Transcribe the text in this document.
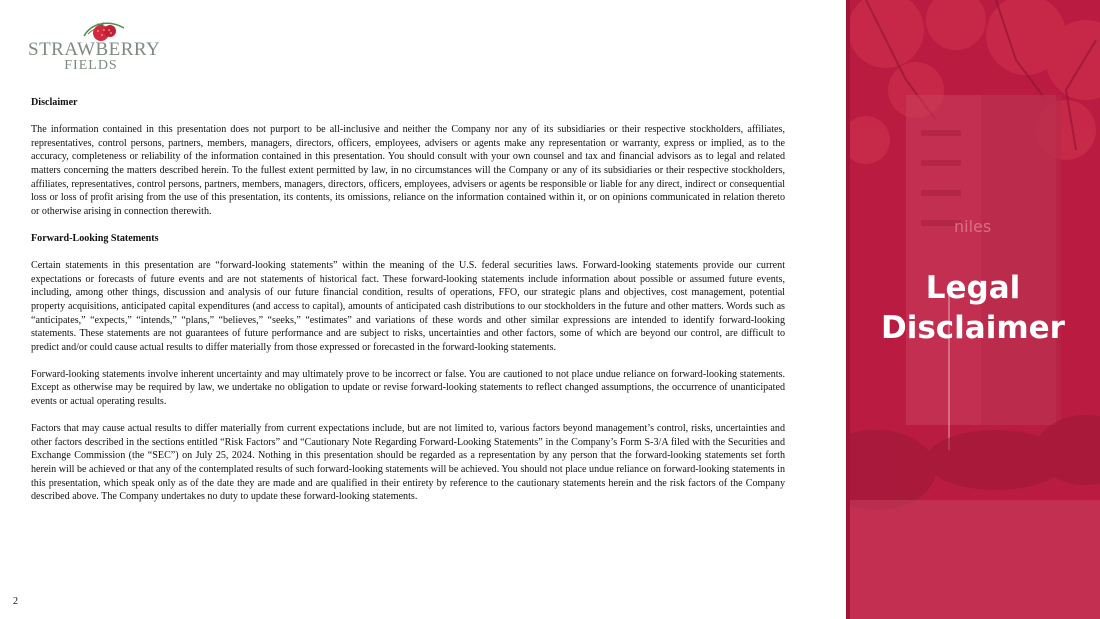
STRAWBERRY
FIELDS
Disclaimer

The information contained in this presentation does not purport to be all-inclusive and neither the Company nor any of its subsidiaries or their respective stockholders, affiliates, representatives, control persons, partners, members, managers, directors, officers, employees, advisers or agents make any representation or warranty, express or implied, as to the accuracy, completeness or reliability of the information contained in this presentation. You should consult with your own counsel and tax and financial advisors as to legal and related matters concerning the matters described herein. To the fullest extent permitted by law, in no circumstances will the Company or any of its subsidiaries or their respective stockholders, affiliates, representatives, control persons, partners, members, managers, directors, officers, employees, advisers or agents be responsible or liable for any direct, indirect or consequential loss or loss of profit arising from the use of this presentation, its contents, its omissions, reliance on the information contained within it, or on opinions communicated in relation thereto or otherwise arising in connection therewith.

Forward-Looking Statements

Certain statements in this presentation are “forward-looking statements” within the meaning of the U.S. federal securities laws. Forward-looking statements provide our current expectations or forecasts of future events and are not statements of historical fact. These forward-looking statements include information about possible or assumed future events, including, among other things, discussion and analysis of our future financial condition, results of operations, FFO, our strategic plans and objectives, cost management, potential property acquisitions, anticipated capital expenditures (and access to capital), amounts of anticipated cash distributions to our stockholders in the future and other matters. Words such as “anticipates,” “expects,” “intends,” “plans,” “believes,” “seeks,” “estimates” and variations of these words and other similar expressions are intended to identify forward-looking statements. These statements are not guarantees of future performance and are subject to risks, uncertainties and other factors, some of which are beyond our control, are difficult to predict and/or could cause actual results to differ materially from those expressed or forecasted in the forward-looking statements.

Forward-looking statements involve inherent uncertainty and may ultimately prove to be incorrect or false. You are cautioned to not place undue reliance on forward-looking statements. Except as otherwise may be required by law, we undertake no obligation to update or revise forward-looking statements to reflect changed assumptions, the occurrence of unanticipated events or actual operating results.

Factors that may cause actual results to differ materially from current expectations include, but are not limited to, various factors beyond management’s control, risks, uncertainties and other factors described in the sections entitled “Risk Factors” and “Cautionary Note Regarding Forward-Looking Statements” in the Company’s Form S-3/A filed with the Securities and Exchange Commission (the “SEC”) on July 25, 2024. Nothing in this presentation should be regarded as a representation by any person that the forward-looking statements set forth herein will be achieved or that any of the contemplated results of such forward-looking statements will be achieved. You should not place undue reliance on forward-looking statements in this presentation, which speak only as of the date they are made and are qualified in their entirety by reference to the cautionary statements herein and the risk factors of the Company described above. The Company undertakes no duty to update these forward-looking statements.

2
niles
Legal
Disclaimer
